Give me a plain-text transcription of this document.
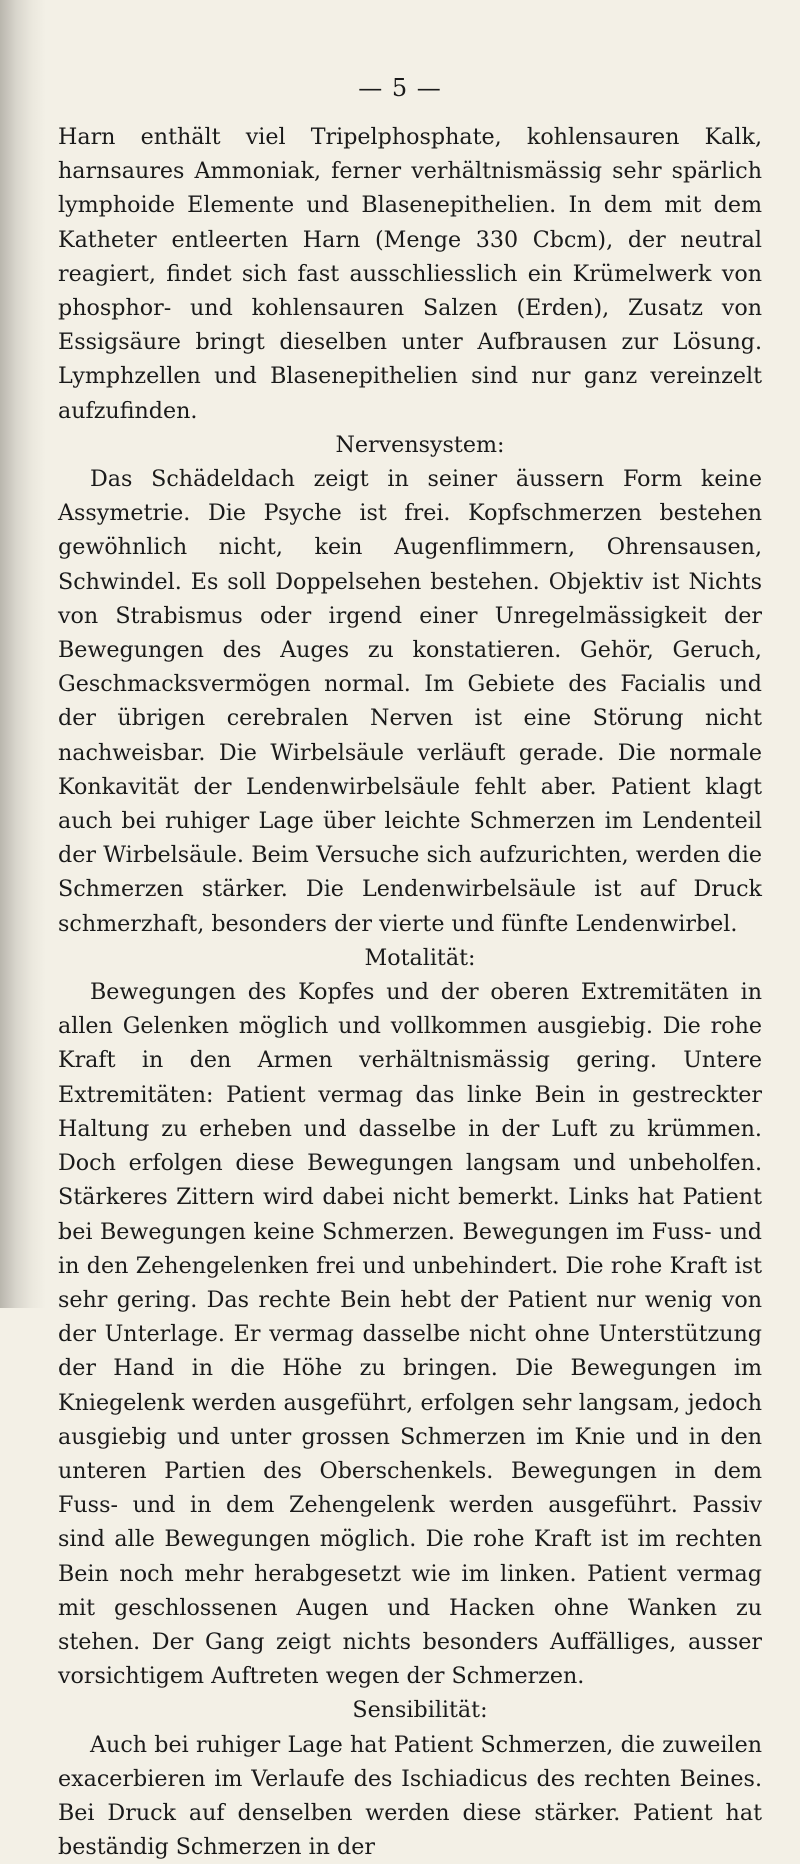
— 5 —

Harn enthält viel Tripelphosphate, kohlensauren Kalk, harnsaures Ammoniak, ferner verhältnismässig sehr spärlich lymphoide Elemente und Blasenepithelien. In dem mit dem Katheter entleerten Harn (Menge 330 Cbcm), der neutral reagiert, findet sich fast ausschliesslich ein Krümelwerk von phosphor- und kohlensauren Salzen (Erden), Zusatz von Essigsäure bringt dieselben unter Aufbrausen zur Lösung. Lymphzellen und Blasenepithelien sind nur ganz vereinzelt aufzufinden.

Nervensystem:

Das Schädeldach zeigt in seiner äussern Form keine Assymetrie. Die Psyche ist frei. Kopfschmerzen bestehen gewöhnlich nicht, kein Augenflimmern, Ohrensausen, Schwindel. Es soll Doppelsehen bestehen. Objektiv ist Nichts von Strabismus oder irgend einer Unregelmässigkeit der Bewegungen des Auges zu konstatieren. Gehör, Geruch, Geschmacksvermögen normal. Im Gebiete des Facialis und der übrigen cerebralen Nerven ist eine Störung nicht nachweisbar. Die Wirbelsäule verläuft gerade. Die normale Konkavität der Lendenwirbelsäule fehlt aber. Patient klagt auch bei ruhiger Lage über leichte Schmerzen im Lendenteil der Wirbelsäule. Beim Versuche sich aufzurichten, werden die Schmerzen stärker. Die Lendenwirbelsäule ist auf Druck schmerzhaft, besonders der vierte und fünfte Lendenwirbel.

Motalität:

Bewegungen des Kopfes und der oberen Extremitäten in allen Gelenken möglich und vollkommen ausgiebig. Die rohe Kraft in den Armen verhältnismässig gering. Untere Extremitäten: Patient vermag das linke Bein in gestreckter Haltung zu erheben und dasselbe in der Luft zu krümmen. Doch erfolgen diese Bewegungen langsam und unbeholfen. Stärkeres Zittern wird dabei nicht bemerkt. Links hat Patient bei Bewegungen keine Schmerzen. Bewegungen im Fuss- und in den Zehengelenken frei und unbehindert. Die rohe Kraft ist sehr gering. Das rechte Bein hebt der Patient nur wenig von der Unterlage. Er vermag dasselbe nicht ohne Unterstützung der Hand in die Höhe zu bringen. Die Bewegungen im Kniegelenk werden ausgeführt, erfolgen sehr langsam, jedoch ausgiebig und unter grossen Schmerzen im Knie und in den unteren Partien des Oberschenkels. Bewegungen in dem Fuss- und in dem Zehengelenk werden ausgeführt. Passiv sind alle Bewegungen möglich. Die rohe Kraft ist im rechten Bein noch mehr herabgesetzt wie im linken. Patient vermag mit geschlossenen Augen und Hacken ohne Wanken zu stehen. Der Gang zeigt nichts besonders Auffälliges, ausser vorsichtigem Auftreten wegen der Schmerzen.

Sensibilität:

Auch bei ruhiger Lage hat Patient Schmerzen, die zuweilen exacerbieren im Verlaufe des Ischiadicus des rechten Beines. Bei Druck auf denselben werden diese stärker. Patient hat beständig Schmerzen in der
